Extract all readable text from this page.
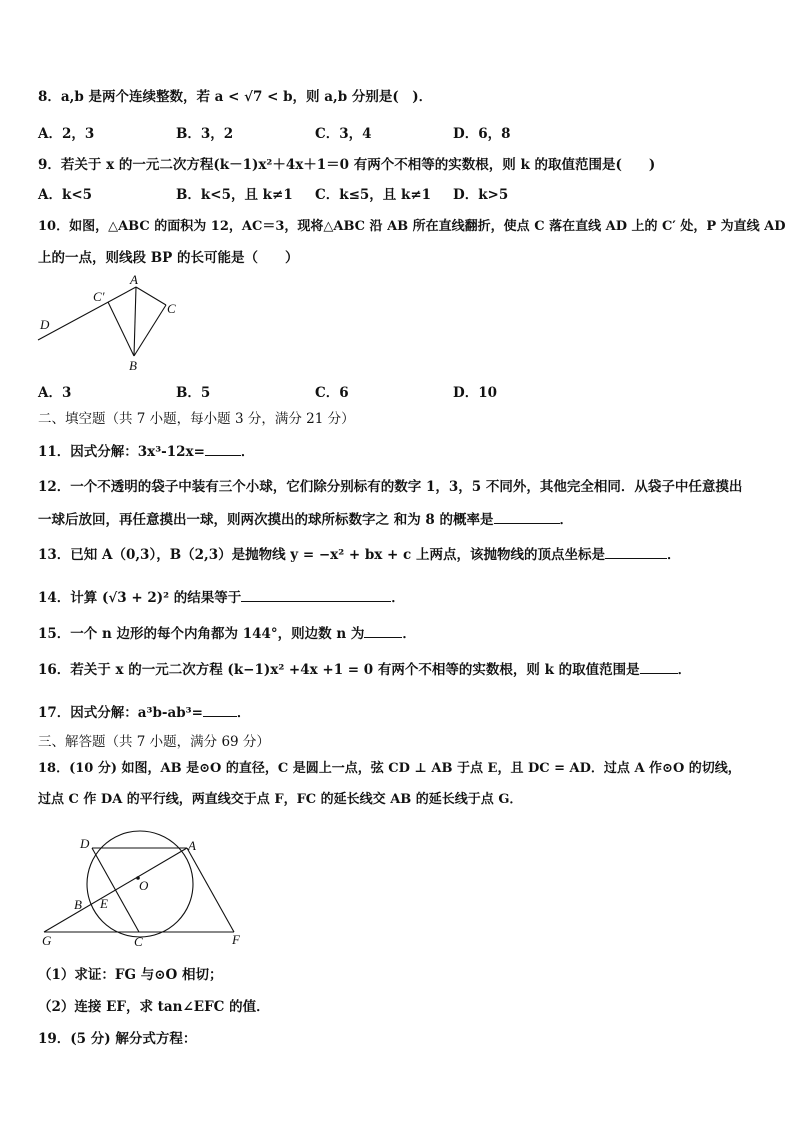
8．a,b 是两个连续整数，若 a < √7 < b，则 a,b 分别是(　)．
A．2，3	B．3，2	C．3，4	D．6，8
9．若关于 x 的一元二次方程(k－1)x²＋4x＋1＝0 有两个不相等的实数根，则 k 的取值范围是(　　)
A．k<5	B．k<5，且 k≠1 C．k≤5，且 k≠1 D．k>5
10．如图，△ABC 的面积为 12，AC＝3，现将△ABC 沿 AB 所在直线翻折，使点 C 落在直线 AD 上的 C′ 处，P 为直线 AD
上的一点，则线段 BP 的长可能是（　　）
A
C′
C
D
B
A．3	B．5	C．6	D．10
二、填空题（共 7 小题，每小题 3 分，满分 21 分）
11．因式分解：3x³-12x=	．
12．一个不透明的袋子中装有三个小球，它们除分别标有的数字 1，3，5 不同外，其他完全相同．从袋子中任意摸出
一球后放回，再任意摸出一球，则两次摸出的球所标数字之 和为 8 的概率是	．
13．已知 A（0,3），B（2,3）是抛物线 y = −x² + bx + c 上两点，该抛物线的顶点坐标是	．
14．计算 (√3 + 2)² 的结果等于	．
15．一个 n 边形的每个内角都为 144°，则边数 n 为	．
16．若关于 x 的一元二次方程 (k−1)x² +4x +1 = 0 有两个不相等的实数根，则 k 的取值范围是	．
17．因式分解：a³b-ab³=	．
三、解答题（共 7 小题，满分 69 分）
18．(10 分) 如图，AB 是⊙O 的直径，C 是圆上一点，弦 CD ⊥ AB 于点 E，且 DC = AD．过点 A 作⊙O 的切线，
过点 C 作 DA 的平行线，两直线交于点 F，FC 的延长线交 AB 的延长线于点 G．
D	A
O
B E
G	C	F
（1）求证：FG 与⊙O 相切；
（2）连接 EF，求 tan∠EFC 的值．
19．(5 分) 解分式方程：
